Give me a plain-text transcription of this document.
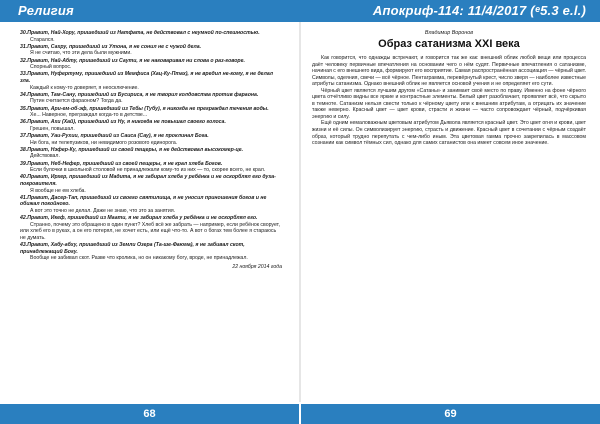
Религия	Апокриф-114: 11/4/2017 (ᵉ5.3 e.l.)
30.Правит, Най-Хору, пришедший из Натфата, не действовал с неумной по-спешностью.
Старался.
31.Правит, Сахру, пришедший из Утона, я не сонил не с чужой дела.
Я не считаю, что эти дела были мужними.
32.Правит, Най-Абту, пришедший из Саути, я не наговаривал ни слова о раз-говоре.
Спорный вопрос.
33.Правит, Нуфертуму, пришедший из Мемфиса (Хац-Ку-Птах), я не вредил не-кому, я не делал зла.
Каждый к кому-то доверяет, я неосключение.
34.Правит, Там-Сану, пришедший из Бусириса, я не творил колдовства против фараона.
Путин считается фараоном? Тогда да.
35.Правит, Ари-ем-об-эф, пришедший из Тебы (Тубу), я никогда не преграждал течения воды.
Хе... Наверное, преграждал когда-то в детстве...
36.Правит, Ахи (Хай), пришедший из Ну, я никогда не повышал своего голоса.
Грешен, повышал.
37.Правит, Уаи-Рухии, пришедший из Саиса (Сау), я не проклинал Бога.
Ни бога, ни телепузиков, ни невидимого розового единорога.
38.Правит, Нэфер-Ку, пришедший из своей пещеры, я не действовал высокомер-це.
Действовал.
39.Правит, Неб-Нефер, пришедший из своей пещеры, я не крал хлеба Богов.
Если булочки в школьной столовой не принадлежали кому-то из них — то, скорее всего, не крал.
40.Правит, Ирхер, пришедший из Мадита, я не забирал хлеба у ребёнка и не оскорблял его духа-покровителя.
Я вообще не ем хлеба.
41.Правит, Дасер-Тап, пришедший из своего святилища, я не уносил приношения богов и не обижал покойного.
А вот это точно не делал. Даже не знаю, что это за занятия.
42.Правит, Икеф, пришедший из Маати, я не забирал хлеба у ребёнка и не оскорблял его.
Странно, почему это обращено в один пункт? Хлеб всё же забрать — например, если ребёнок сворует, или хлеб его в руках, а он его потерял, не хочет есть, или ещё что-то. А вот о богах тем более я стараюсь не думать.
43.Правит, Хабу-абху, пришедший из Земли Озера (Та-ше-Фаюма), я не забивал скот, принадлежащий Богу.
Вообще не забивал скот. Разве что кролика, но он никакому богу, вроде, не принадлежал.
22 ноября 2014 года
Владимир Воронов
Образ сатанизма XXI века

Как говорится, что однажды встречают, и говорится так же как: внешний облик любой вещи или процесса даёт человеку первичные впечатления на основании чего о нём судят. Первичные впечатления о сатанизме, начиная с его внешнего вида, формируют его восприятие. Самая распространённая ассоциация — чёрный цвет. Символы, одеяния, свечи — всё чёрное. Пентаграмма, перевёрнутый крест, число зверя — наиболее известные атрибуты сатанизма. Однако внешний облик не является основой учения и не определяет его сути.

Чёрный цвет является лучшим другом «Сатаны» и занимает своё место по праву. Именно на фоне чёрного цвета отчётливо видны все яркие и контрастные элементы. Белый цвет разоблачает, проявляет всё, что скрыто в темноте. Сатанизм нельзя свести только к чёрному цвету или к внешним атрибутам, а отрицать их значение также неверно. Красный цвет — цвет крови, страсти и жизни — часто сопровождает чёрный, подчёркивая энергию и силу.

Ещё одним немаловажным цветовым атрибутом Дьявола является красный цвет. Это цвет огня и крови, цвет жизни и её силы. Он символизирует энергию, страсть и движение. Красный цвет в сочетании с чёрным создаёт образ, который трудно перепутать с чем-либо иным. Эта цветовая гамма прочно закрепилась в массовом сознании как символ тёмных сил, однако для самих сатанистов она имеет совсем иное значение.

68	69
